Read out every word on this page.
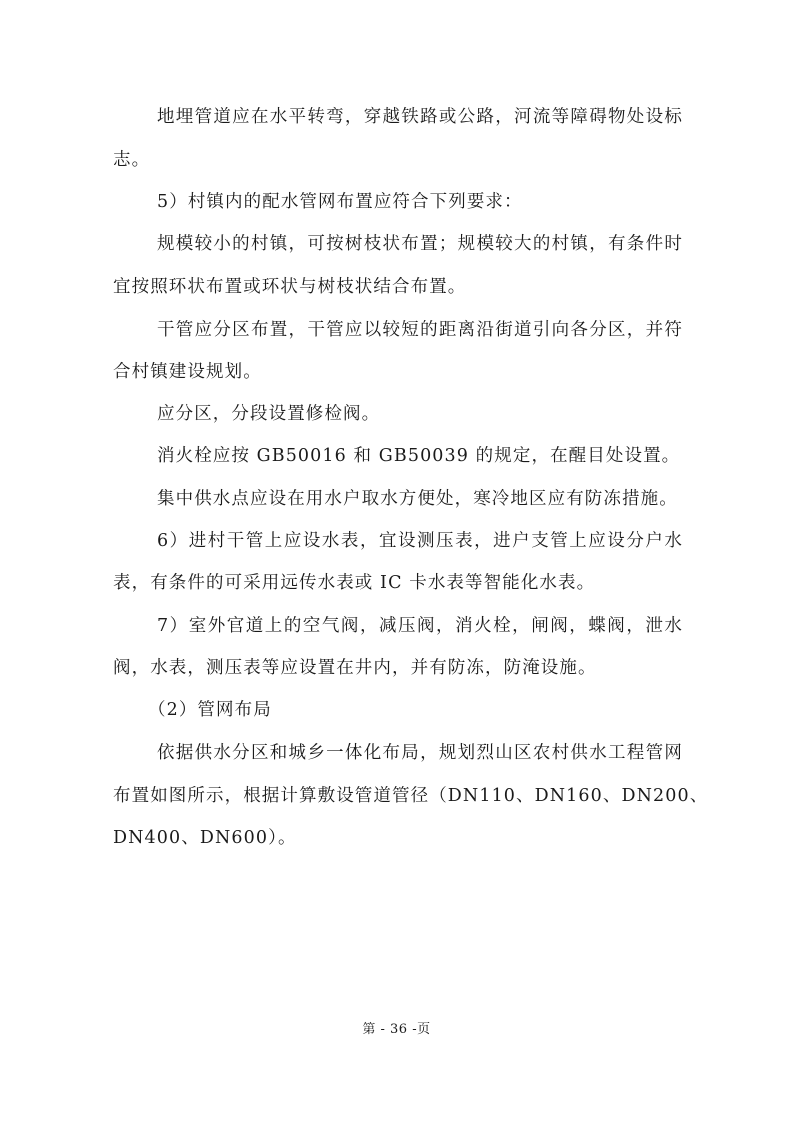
地埋管道应在水平转弯，穿越铁路或公路，河流等障碍物处设标
志。
5）村镇内的配水管网布置应符合下列要求：
规模较小的村镇，可按树枝状布置；规模较大的村镇，有条件时
宜按照环状布置或环状与树枝状结合布置。
干管应分区布置，干管应以较短的距离沿街道引向各分区，并符
合村镇建设规划。
应分区，分段设置修检阀。
消火栓应按 GB50016 和 GB50039 的规定，在醒目处设置。
集中供水点应设在用水户取水方便处，寒冷地区应有防冻措施。
6）进村干管上应设水表，宜设测压表，进户支管上应设分户水
表，有条件的可采用远传水表或 IC 卡水表等智能化水表。
7）室外官道上的空气阀，减压阀，消火栓，闸阀，蝶阀，泄水
阀，水表，测压表等应设置在井内，并有防冻，防淹设施。
（2）管网布局
依据供水分区和城乡一体化布局，规划烈山区农村供水工程管网
布置如图所示，根据计算敷设管道管径（DN110、DN160、DN200、
DN400、DN600）。
第 - 36 -页
